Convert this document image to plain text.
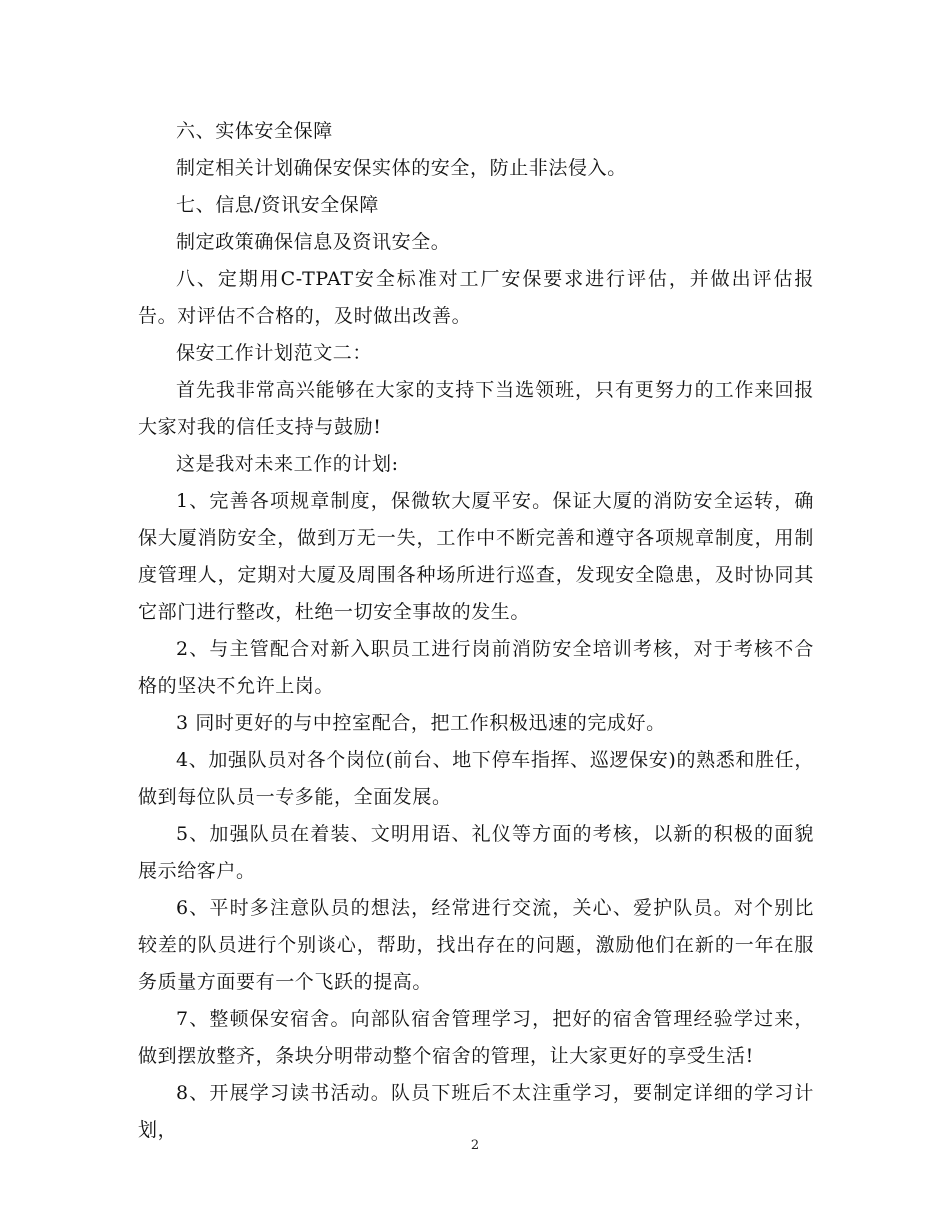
六、实体安全保障

制定相关计划确保安保实体的安全，防止非法侵入。

七、信息/资讯安全保障

制定政策确保信息及资讯安全。

八、定期用C-TPAT安全标准对工厂安保要求进行评估，并做出评估报告。对评估不合格的，及时做出改善。

保安工作计划范文二：

首先我非常高兴能够在大家的支持下当选领班，只有更努力的工作来回报大家对我的信任支持与鼓励!

这是我对未来工作的计划:

1、完善各项规章制度，保微软大厦平安。保证大厦的消防安全运转，确保大厦消防安全，做到万无一失，工作中不断完善和遵守各项规章制度，用制度管理人，定期对大厦及周围各种场所进行巡查，发现安全隐患，及时协同其它部门进行整改，杜绝一切安全事故的发生。

2、与主管配合对新入职员工进行岗前消防安全培训考核，对于考核不合格的坚决不允许上岗。

3 同时更好的与中控室配合，把工作积极迅速的完成好。

4、加强队员对各个岗位(前台、地下停车指挥、巡逻保安)的熟悉和胜任，做到每位队员一专多能，全面发展。

5、加强队员在着装、文明用语、礼仪等方面的考核，以新的积极的面貌展示给客户。

6、平时多注意队员的想法，经常进行交流，关心、爱护队员。对个别比较差的队员进行个别谈心，帮助，找出存在的问题，激励他们在新的一年在服务质量方面要有一个飞跃的提高。

7、整顿保安宿舍。向部队宿舍管理学习，把好的宿舍管理经验学过来，做到摆放整齐，条块分明带动整个宿舍的管理，让大家更好的享受生活!

8、开展学习读书活动。队员下班后不太注重学习，要制定详细的学习计划，

2
